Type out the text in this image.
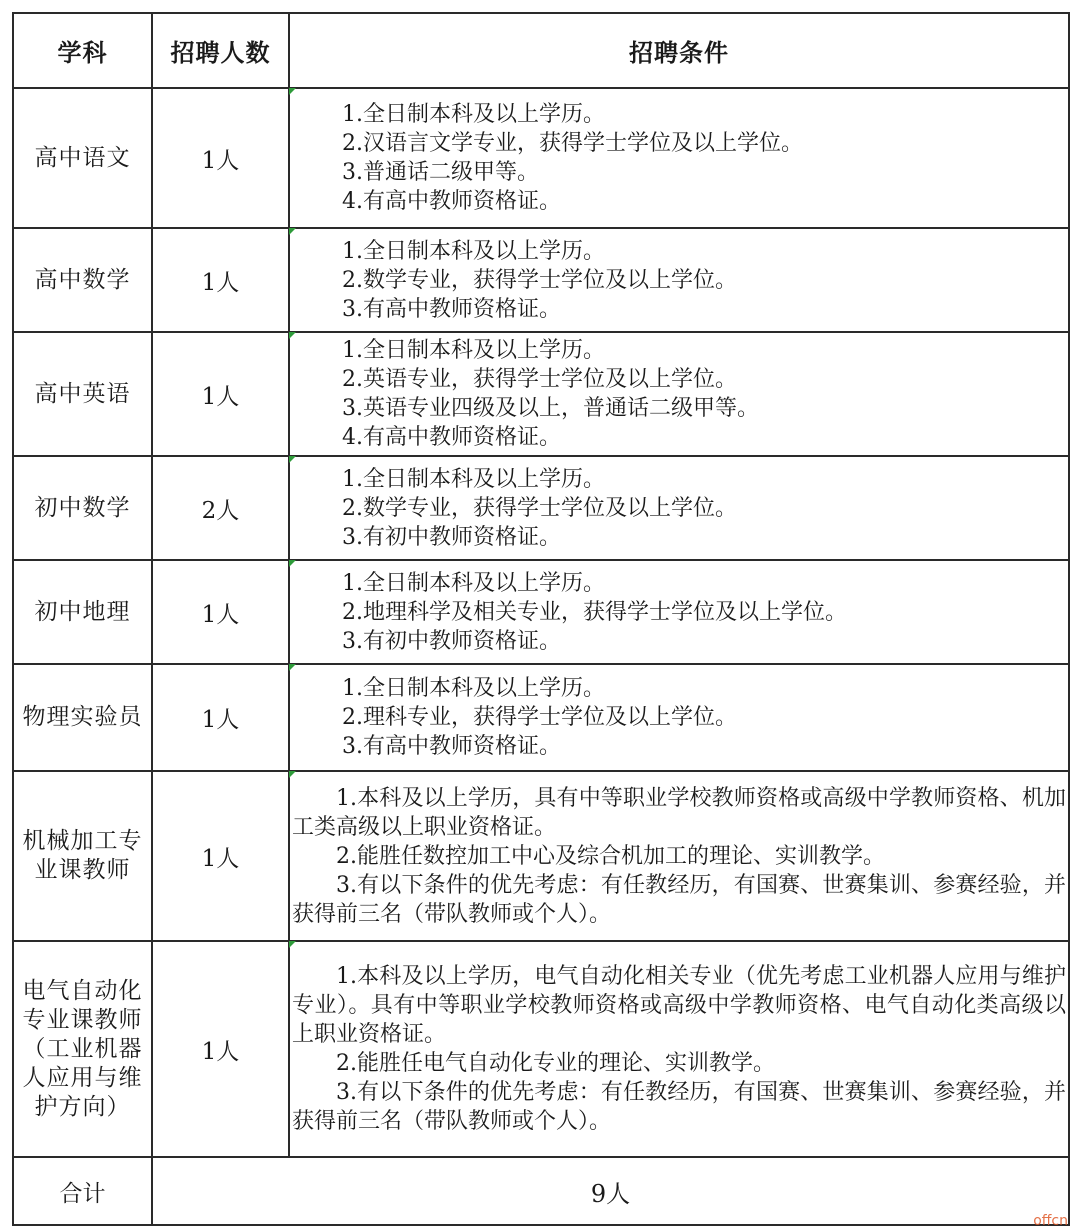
学科	招聘人数	招聘条件
高中语文	1人	1.全日制本科及以上学历。
2.汉语言文学专业，获得学士学位及以上学位。
3.普通话二级甲等。
4.有高中教师资格证。

高中数学	1人	1.全日制本科及以上学历。
2.数学专业，获得学士学位及以上学位。
3.有高中教师资格证。

高中英语	1人	1.全日制本科及以上学历。
2.英语专业，获得学士学位及以上学位。
3.英语专业四级及以上，普通话二级甲等。
4.有高中教师资格证。

初中数学	2人	1.全日制本科及以上学历。
2.数学专业，获得学士学位及以上学位。
3.有初中教师资格证。

初中地理	1人	1.全日制本科及以上学历。
2.地理科学及相关专业，获得学士学位及以上学位。
3.有初中教师资格证。

物理实验员	1人	1.全日制本科及以上学历。
2.理科专业，获得学士学位及以上学位。
3.有高中教师资格证。

机械加工专业课教师	1人	1.本科及以上学历，具有中等职业学校教师资格或高级中学教师资格、机加工类高级以上职业资格证。
2.能胜任数控加工中心及综合机加工的理论、实训教学。
3.有以下条件的优先考虑：有任教经历，有国赛、世赛集训、参赛经验，并获得前三名（带队教师或个人）。

电气自动化专业课教师（工业机器人应用与维护方向）	1人	1.本科及以上学历，电气自动化相关专业（优先考虑工业机器人应用与维护专业）。具有中等职业学校教师资格或高级中学教师资格、电气自动化类高级以上职业资格证。
2.能胜任电气自动化专业的理论、实训教学。
3.有以下条件的优先考虑：有任教经历，有国赛、世赛集训、参赛经验，并获得前三名（带队教师或个人）。

合计	9人	
offcn
